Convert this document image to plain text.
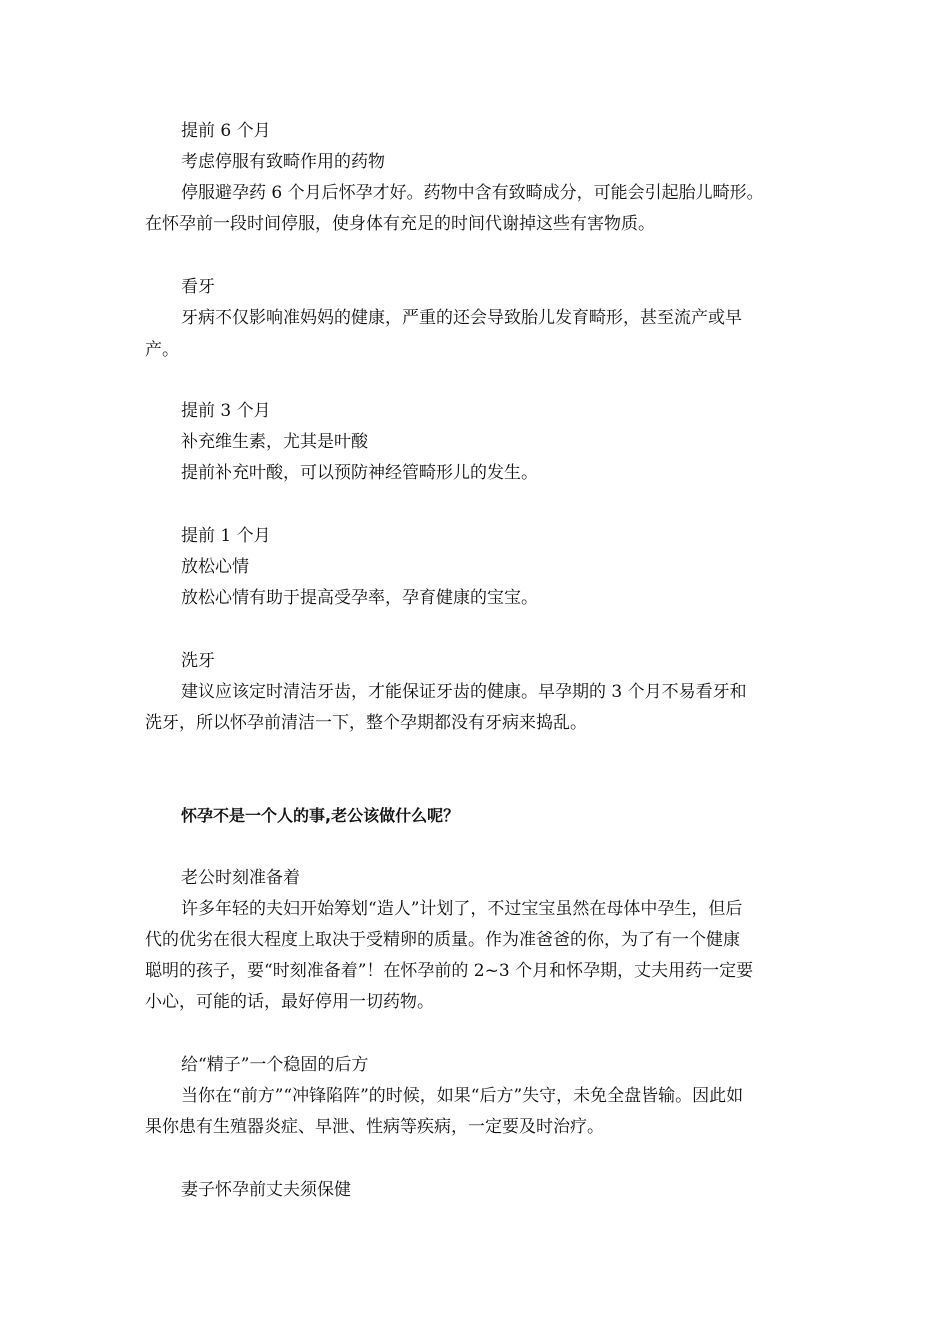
提前 6 个月
考虑停服有致畸作用的药物
停服避孕药 6 个月后怀孕才好。药物中含有致畸成分，可能会引起胎儿畸形。
在怀孕前一段时间停服，使身体有充足的时间代谢掉这些有害物质。
看牙
牙病不仅影响准妈妈的健康，严重的还会导致胎儿发育畸形，甚至流产或早
产。
提前 3 个月
补充维生素，尤其是叶酸
提前补充叶酸，可以预防神经管畸形儿的发生。
提前 1 个月
放松心情
放松心情有助于提高受孕率，孕育健康的宝宝。
洗牙
建议应该定时清洁牙齿，才能保证牙齿的健康。早孕期的 3 个月不易看牙和
洗牙，所以怀孕前清洁一下，整个孕期都没有牙病来捣乱。
怀孕不是一个人的事,老公该做什么呢？
老公时刻准备着
许多年轻的夫妇开始筹划“造人”计划了，不过宝宝虽然在母体中孕生，但后
代的优劣在很大程度上取决于受精卵的质量。作为准爸爸的你，为了有一个健康
聪明的孩子，要“时刻准备着”！在怀孕前的 2~3 个月和怀孕期，丈夫用药一定要
小心，可能的话，最好停用一切药物。
给“精子”一个稳固的后方
当你在“前方”“冲锋陷阵”的时候，如果“后方”失守，未免全盘皆输。因此如
果你患有生殖器炎症、早泄、性病等疾病，一定要及时治疗。
妻子怀孕前丈夫须保健
